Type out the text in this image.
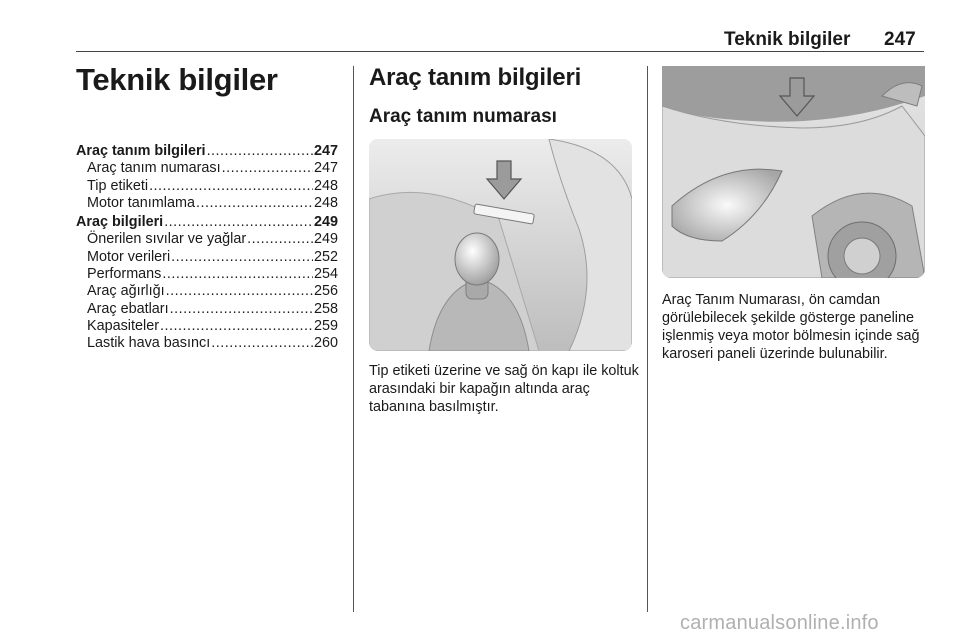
Teknik bilgiler 247
Teknik bilgiler
Araç tanım bilgileri .....	247
Araç tanım numarası .....	247
Tip etiketi .....	248
Motor tanımlama .....	248
Araç bilgileri .....	249
Önerilen sıvılar ve yağlar .....	249
Motor verileri .....	252
Performans .....	254
Araç ağırlığı .....	256
Araç ebatları .....	258
Kapasiteler .....	259
Lastik hava basıncı .....	260
Araç tanım bilgileri
Araç tanım numarası
Tip etiketi üzerine ve sağ ön kapı ile koltuk arasındaki bir kapağın altında araç tabanına basılmıştır.
Araç Tanım Numarası, ön camdan görülebilecek şekilde gösterge paneline işlenmiş veya motor bölmesin içinde sağ karoseri paneli üzerinde bulunabilir.
carmanualsonline.info
